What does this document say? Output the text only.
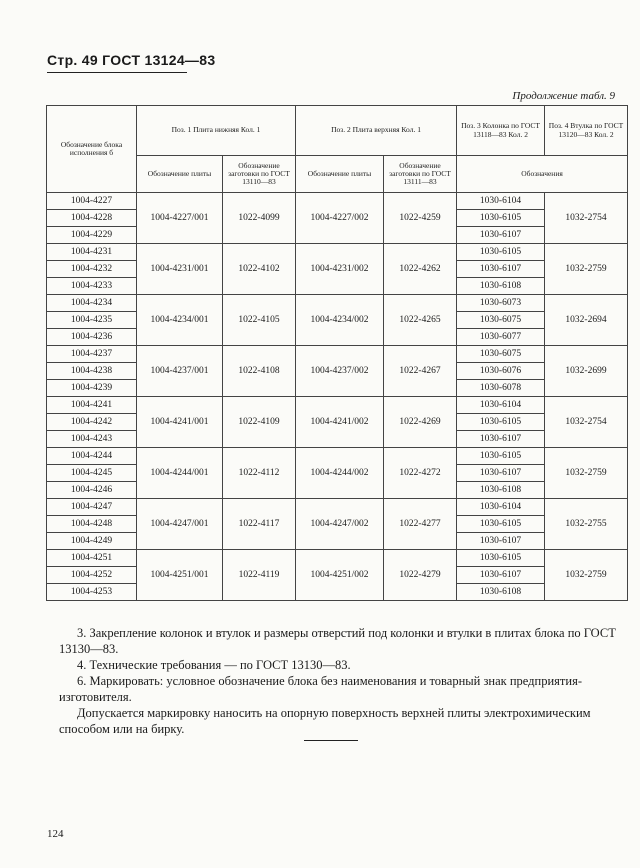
Стр. 49 ГОСТ 13124—83
Продолжение табл. 9
Обозначение блока исполнения б	Поз. 1 Плита нижняя Кол. 1		Поз. 2 Плита верхняя Кол. 1		Поз. 3 Колонка по ГОСТ 13118—83 Кол. 2	Поз. 4 Втулка по ГОСТ 13120—83 Кол. 2
	Обозначение плиты	Обозначение заготовки по ГОСТ 13110—83	Обозначение плиты	Обозначение заготовки по ГОСТ 13111—83	Обозначения	
1004-4227	1004-4227/001	1022-4099	1004-4227/002	1022-4259	1030-6104	1032-2754
1004-4228					1030-6105	
1004-4229					1030-6107	
1004-4231	1004-4231/001	1022-4102	1004-4231/002	1022-4262	1030-6105	1032-2759
1004-4232					1030-6107	
1004-4233					1030-6108	
1004-4234	1004-4234/001	1022-4105	1004-4234/002	1022-4265	1030-6073	1032-2694
1004-4235					1030-6075	
1004-4236					1030-6077	
1004-4237	1004-4237/001	1022-4108	1004-4237/002	1022-4267	1030-6075	1032-2699
1004-4238					1030-6076	
1004-4239					1030-6078	
1004-4241	1004-4241/001	1022-4109	1004-4241/002	1022-4269	1030-6104	1032-2754
1004-4242					1030-6105	
1004-4243					1030-6107	
1004-4244	1004-4244/001	1022-4112	1004-4244/002	1022-4272	1030-6105	1032-2759
1004-4245					1030-6107	
1004-4246					1030-6108	
1004-4247	1004-4247/001	1022-4117	1004-4247/002	1022-4277	1030-6104	1032-2755
1004-4248					1030-6105	
1004-4249					1030-6107	
1004-4251	1004-4251/001	1022-4119	1004-4251/002	1022-4279	1030-6105	1032-2759
1004-4252					1030-6107	
1004-4253					1030-6108	

3. Закрепление колонок и втулок и размеры отверстий под колонки и втулки в плитах блока по ГОСТ 13130—83.

4. Технические требования — по ГОСТ 13130—83.

6. Маркировать: условное обозначение блока без наименования и товарный знак предприятия-изготовителя.

Допускается маркировку наносить на опорную поверхность верхней плиты электрохимическим способом или на бирку.

124
